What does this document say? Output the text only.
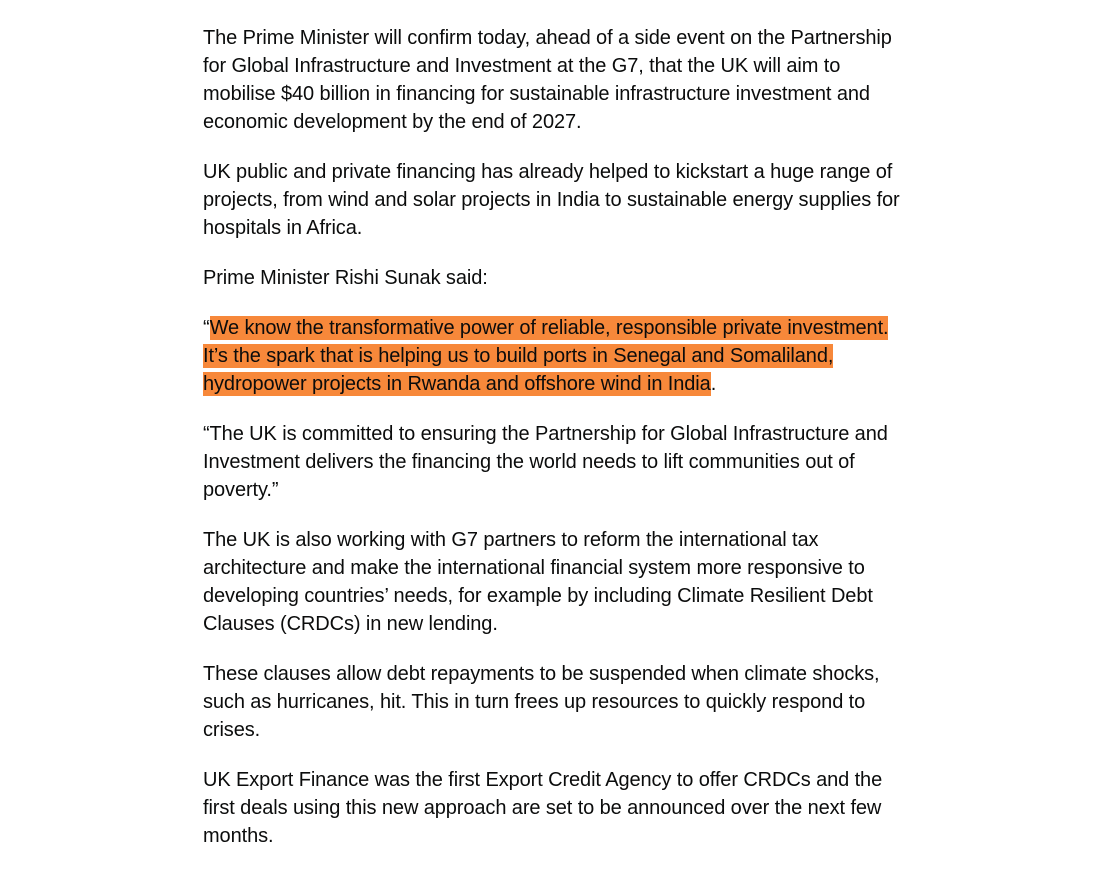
The Prime Minister will confirm today, ahead of a side event on the Partnership for Global Infrastructure and Investment at the G7, that the UK will aim to mobilise $40 billion in financing for sustainable infrastructure investment and economic development by the end of 2027.

UK public and private financing has already helped to kickstart a huge range of projects, from wind and solar projects in India to sustainable energy supplies for hospitals in Africa.

Prime Minister Rishi Sunak said:

“We know the transformative power of reliable, responsible private investment. It’s the spark that is helping us to build ports in Senegal and Somaliland, hydropower projects in Rwanda and offshore wind in India.

“The UK is committed to ensuring the Partnership for Global Infrastructure and Investment delivers the financing the world needs to lift communities out of poverty.”

The UK is also working with G7 partners to reform the international tax architecture and make the international financial system more responsive to developing countries’ needs, for example by including Climate Resilient Debt Clauses (CRDCs) in new lending.

These clauses allow debt repayments to be suspended when climate shocks, such as hurricanes, hit. This in turn frees up resources to quickly respond to crises.

UK Export Finance was the first Export Credit Agency to offer CRDCs and the first deals using this new approach are set to be announced over the next few months.
